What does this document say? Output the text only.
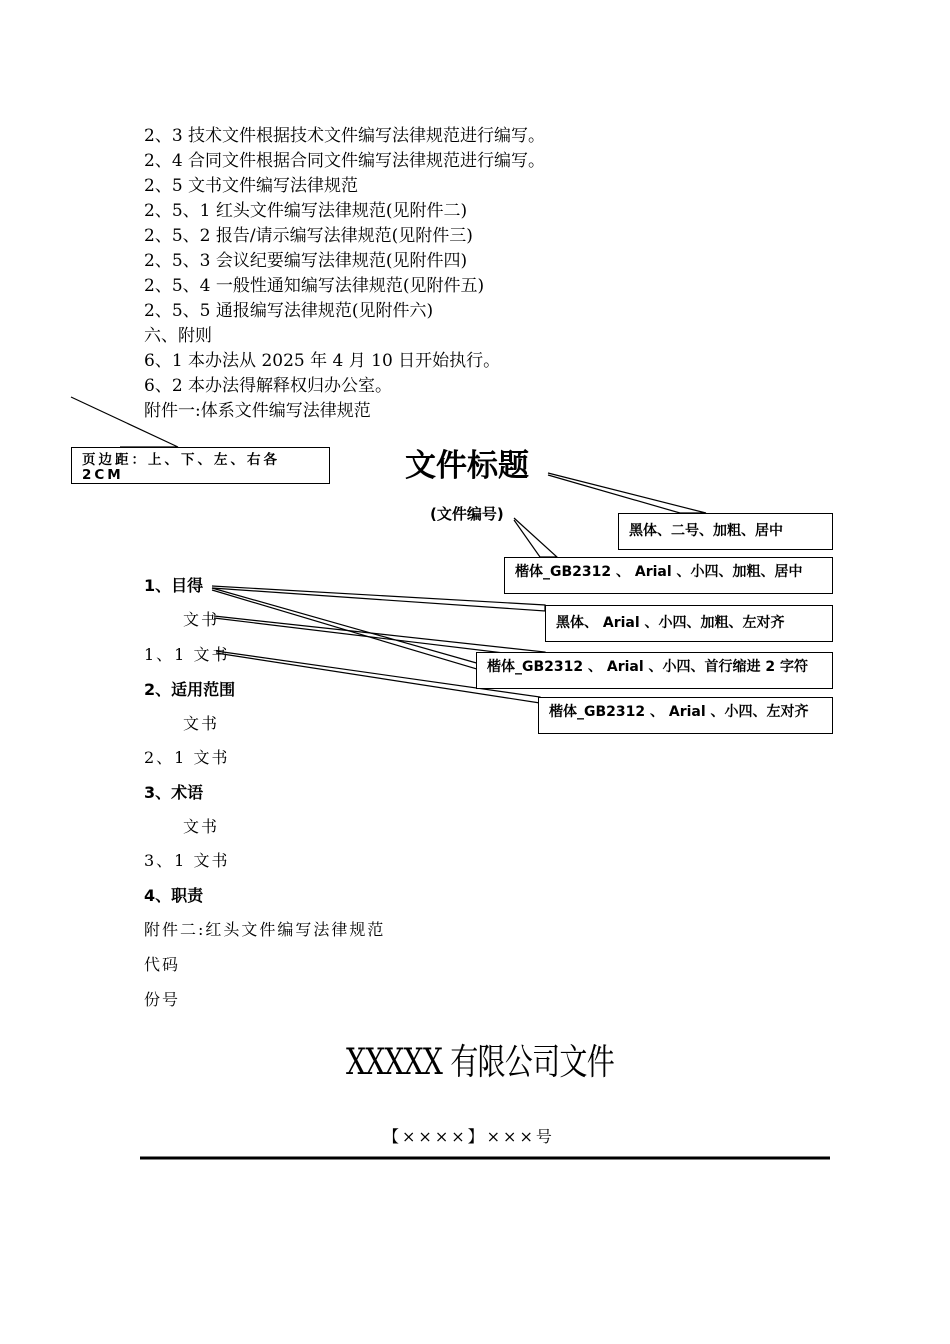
2、3 技术文件根据技术文件编写法律规范进行编写。
2、4 合同文件根据合同文件编写法律规范进行编写。
2、5 文书文件编写法律规范
2、5、1 红头文件编写法律规范(见附件二)
2、5、2 报告/请示编写法律规范(见附件三)
2、5、3 会议纪要编写法律规范(见附件四)
2、5、4 一般性通知编写法律规范(见附件五)
2、5、5 通报编写法律规范(见附件六)
六、附则
6、1 本办法从 2025 年 4 月 10 日开始执行。
6、2 本办法得解释权归办公室。
附件一:体系文件编写法律规范
文件标题
(文件编号)
1、目得
文书
1、1 文书
2、适用范围
文书
2、1 文书
3、术语
文书
3、1 文书
4、职责
页边距：上、下、左、右各 2CM
黑体、二号、加粗、居中
楷体_GB2312 、 Arial 、小四、加粗、居中
黑体、 Arial 、小四、加粗、左对齐
楷体_GB2312 、 Arial 、小四、首行缩进 2 字符
楷体_GB2312 、 Arial 、小四、左对齐
附件二:红头文件编写法律规范
代码
份号
XXXXX 有限公司文件
【××××】×××号
